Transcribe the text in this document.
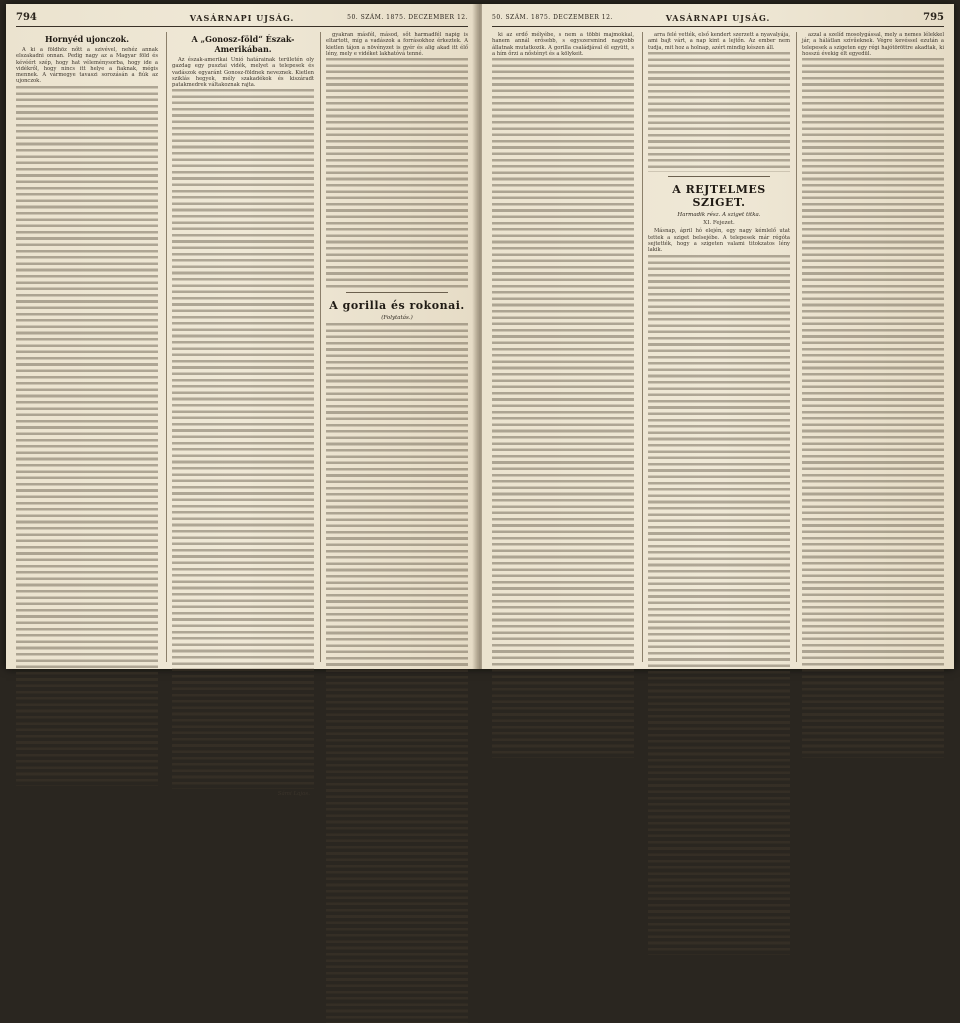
794	VASÁRNAPI UJSÁG.	50. SZÁM. 1875. DECZEMBER 12.
Hornyéd ujonczok.

A ki a földhöz nőtt a szivével, nehéz annak elszakadni onnan. Pedig nagy az a Magyar föld és kévéért szép, hogy hat véleménysorba, hogy ide a vidékről, hogy nincs itt helye a fiaknak, mégis mennek. A vármegye tavaszi sorozásán a fiúk az ujonczok.

A „Gonosz-föld“ Észak-Amerikában.

Az észak-amerikai Unió határainak területén oly gazdag egy pusztai vidék, melyet a telepesek és vadászok egyaránt Gonosz-földnek neveznek. Kietlen sziklás hegyek, mély szakadékok és kiszáradt patakmedrek váltakoznak rajta.

Sámi Lajos.

gyakran másfél, másod, sőt harmadfél napig is eltartott, míg a vadászok a forrásokhoz érkeztek. A kietlen tájon a növényzet is gyér és alig akad itt élő lény, mely e vidéket lakhatóvá tenné.

A gorilla és rokonai.
(Folytatás.)
50. SZÁM. 1875. DECZEMBER 12.	VASÁRNAPI UJSÁG.	795

ki az erdő mélyébe, s nem a többi majmokkal, hanem annál erősebb, s egyszersmind nagyobb állatnak mutatkozik. A gorilla családjával él együtt, s a hím őrzi a nőstényt és a kölykeit.

arra felé vették, első kendert szerzett a nyavalyája, ami bajt várt, a nap kint a lejtőn. Az ember nem tudja, mit hoz a holnap, azért mindig készen áll.

A REJTELMES SZIGET.
Harmadik rész. A sziget titka.
XI. Fejezet.

Másnap, ápril hó elején, egy nagy kémlelő utat tettek a sziget belsejébe. A telepesek már régóta sejtették, hogy a szigeten valami titokzatos lény lakik.

azzal a szelíd mosolygással, mely a nemes lélekkel jár, a hálátlan szívűeknek. Végre kevéssel ezután a telepesek a szigeten egy régi hajótöröttre akadtak, ki hosszú évekig élt egyedül.
